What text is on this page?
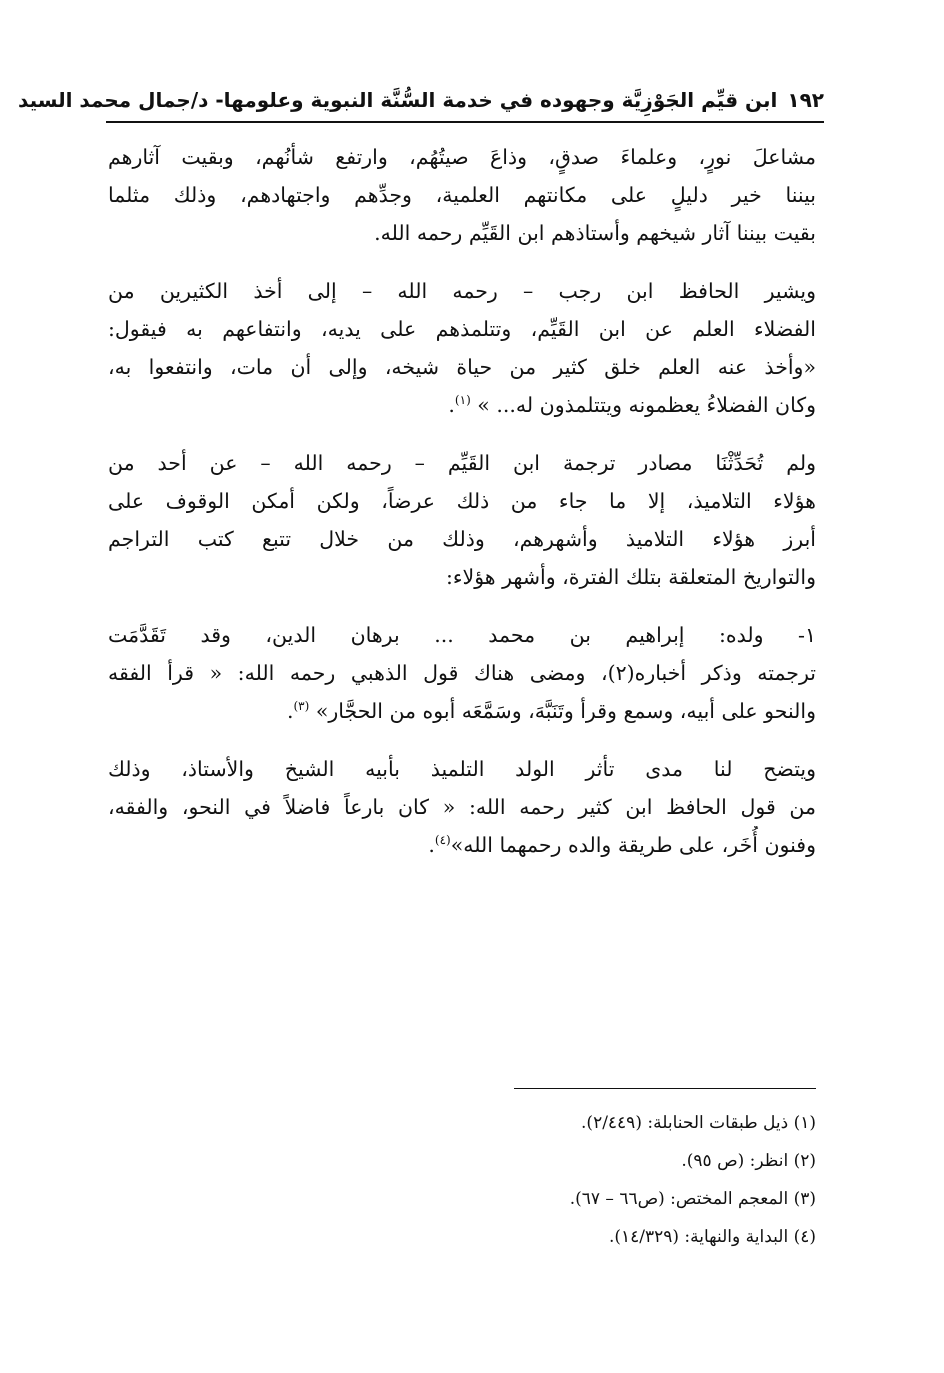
١٩٢
ابن قيِّم الجَوْزِيَّة وجهوده في خدمة السُّنَّة النبوية وعلومها- د/جمال محمد السيد
مشاعلَ نورٍ، وعلماءَ صدقٍ، وذاعَ صيتُهُم، وارتفع شأنُهم، وبقيت آثارهم
بيننا خير دليلٍ على مكانتهم العلمية، وجدِّهم واجتهادهم، وذلك مثلما
بقيت بيننا آثار شيخهم وأستاذهم ابن القَيِّم رحمه الله.
ويشير الحافظ ابن رجب – رحمه الله – إلى أخذ الكثيرين من
الفضلاء العلم عن ابن القَيِّم، وتتلمذهم على يديه، وانتفاعهم به فيقول:
«وأخذ عنه العلم خلق كثير من حياة شيخه، وإلى أن مات، وانتفعوا به،
وكان الفضلاءُ يعظمونه ويتتلمذون له... » $^{(١)}$.
ولم تُحَدِّثْنَا مصادر ترجمة ابن القَيِّم – رحمه الله – عن أحد من
هؤلاء التلاميذ، إلا ما جاء من ذلك عرضاً، ولكن أمكن الوقوف على
أبرز هؤلاء التلاميذ وأشهرهم، وذلك من خلال تتبع كتب التراجم
والتواريخ المتعلقة بتلك الفترة، وأشهر هؤلاء:
١- ولده: إبراهيم بن محمد ... برهان الدين، وقد تَقَدَّمَت
ترجمته وذكر أخباره(٢)، ومضى هناك قول الذهبي رحمه الله: « قرأ الفقه
والنحو على أبيه، وسمع وقرأ وتَنَبَّهَ، وسَمَّعَه أبوه من الحجَّار» $^{(٣)}$.
ويتضح لنا مدى تأثر الولد التلميذ بأبيه الشيخ والأستاذ، وذلك
من قول الحافظ ابن كثير رحمه الله: « كان بارعاً فاضلاً في النحو، والفقه،
وفنون أُخَر، على طريقة والده رحمهما الله»$^{(٤)}$.
(١) ذيل طبقات الحنابلة: (٢/٤٤٩).
(٢) انظر: (ص ٩٥).
(٣) المعجم المختص: (ص٦٦ – ٦٧).
(٤) البداية والنهاية: (١٤/٣٢٩).
